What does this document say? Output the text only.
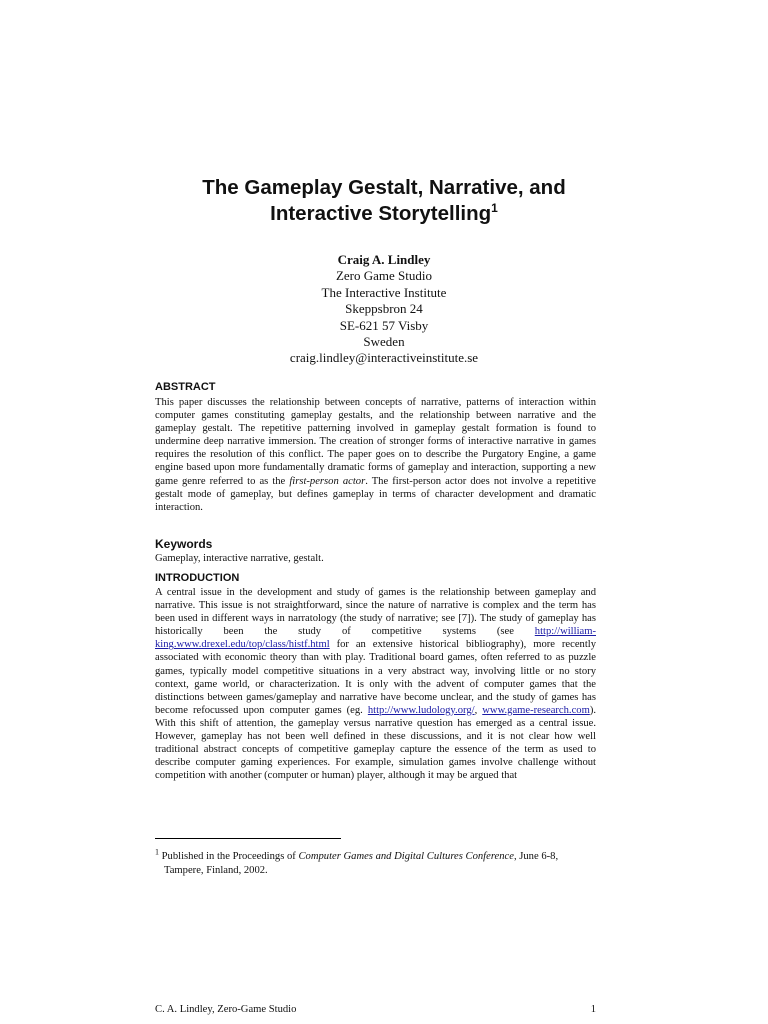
The Gameplay Gestalt, Narrative, and
Interactive Storytelling$^1$
Craig A. Lindley
Zero Game Studio
The Interactive Institute
Skeppsbron 24
SE-621 57 Visby
Sweden
craig.lindley@interactiveinstitute.se
ABSTRACT

This paper discusses the relationship between concepts of narrative, patterns of interaction within computer games constituting gameplay gestalts, and the relationship between narrative and the gameplay gestalt. The repetitive patterning involved in gameplay gestalt formation is found to undermine deep narrative immersion. The creation of stronger forms of interactive narrative in games requires the resolution of this conflict. The paper goes on to describe the Purgatory Engine, a game engine based upon more fundamentally dramatic forms of gameplay and interaction, supporting a new game genre referred to as the first-person actor. The first-person actor does not involve a repetitive gestalt mode of gameplay, but defines gameplay in terms of character development and dramatic interaction.

Keywords

Gameplay, interactive narrative, gestalt.

INTRODUCTION

A central issue in the development and study of games is the relationship between gameplay and narrative. This issue is not straightforward, since the nature of narrative is complex and the term has been used in different ways in narratology (the study of narrative; see [7]). The study of gameplay has historically been the study of competitive systems (see http://william-king.www.drexel.edu/top/class/histf.html for an extensive historical bibliography), more recently associated with economic theory than with play. Traditional board games, often referred to as puzzle games, typically model competitive situations in a very abstract way, involving little or no story context, game world, or characterization. It is only with the advent of computer games that the distinctions between games/gameplay and narrative have become unclear, and the study of games has become refocussed upon computer games (eg. http://www.ludology.org/, www.game-research.com). With this shift of attention, the gameplay versus narrative question has emerged as a central issue. However, gameplay has not been well defined in these discussions, and it is not clear how well traditional abstract concepts of competitive gameplay capture the essence of the term as used to describe computer gaming experiences. For example, simulation games involve challenge without competition with another (computer or human) player, although it may be argued that

$^1$ Published in the Proceedings of Computer Games and Digital Cultures Conference, June 6-8,
Tampere, Finland, 2002.
C. A. Lindley, Zero-Game Studio	1
